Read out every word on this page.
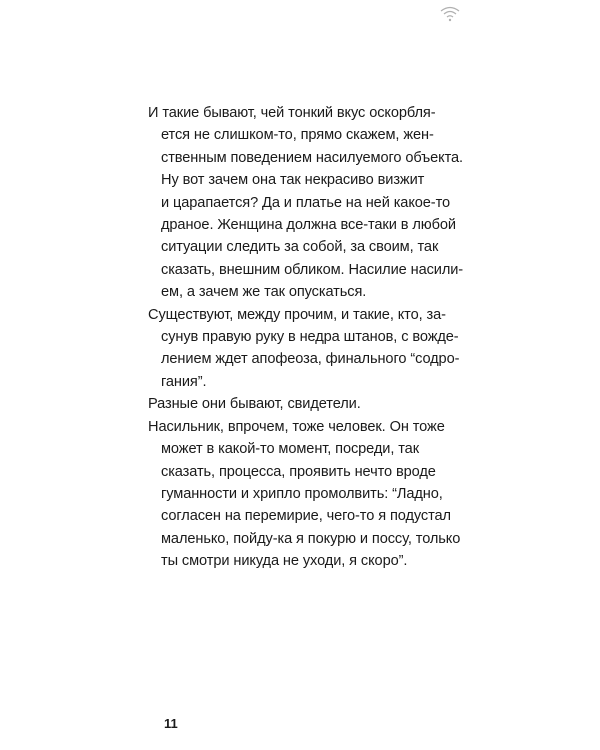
И такие бывают, чей тонкий вкус оскорбля-
ется не слишком-то, прямо скажем, жен-
ственным поведением насилуемого объекта.
Ну вот зачем она так некрасиво визжит
и царапается? Да и платье на ней какое-то
драное. Женщина должна все-таки в любой
ситуации следить за собой, за своим, так
сказать, внешним обликом. Насилие насили-
ем, а зачем же так опускаться.

Существуют, между прочим, и такие, кто, за-
сунув правую руку в недра штанов, с вожде-
лением ждет апофеоза, финального “содро-
гания”.

Разные они бывают, свидетели.

Насильник, впрочем, тоже человек. Он тоже
может в какой-то момент, посреди, так
сказать, процесса, проявить нечто вроде
гуманности и хрипло промолвить: “Ладно,
согласен на перемирие, чего-то я подустал
маленько, пойду-ка я покурю и поссу, только
ты смотри никуда не уходи, я скоро”.

11
